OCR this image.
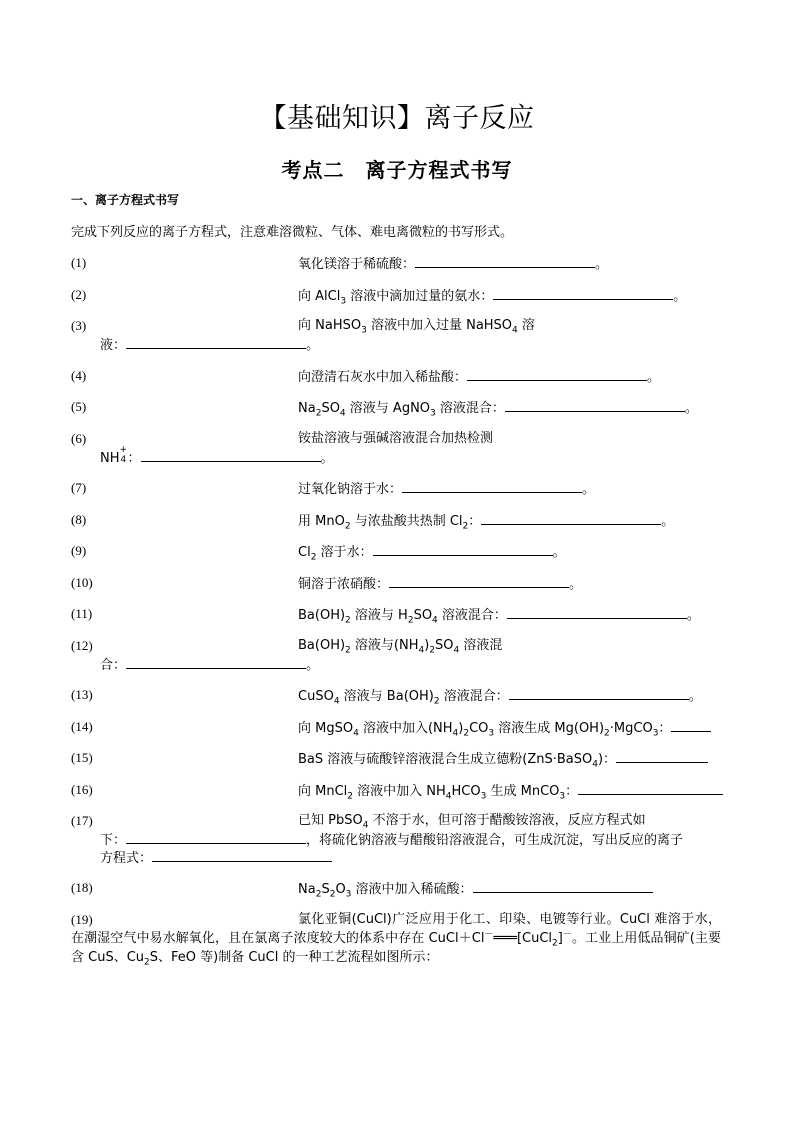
【基础知识】离子反应
考点二　离子方程式书写
一、离子方程式书写
完成下列反应的离子方程式，注意难溶微粒、气体、难电离微粒的书写形式。
(1)	氧化镁溶于稀硫酸：	。
(2)	向 AlCl$_3$ 溶液中滴加过量的氨水：	。
(3)	向 NaHSO$_3$ 溶液中加入过量 NaHSO$_4$ 溶
液：	。
(4)	向澄清石灰水中加入稀盐酸：	。
(5)	$Na_2SO_4$ 溶液与 AgNO$_3$ 溶液混合：	。
(6)	铵盐溶液与强碱溶液混合加热检测
NH
+
4 ：	。
(7)	过氧化钠溶于水：	。
(8)	用 MnO$_2$ 与浓盐酸共热制 $Cl_2$：	。
(9)	$Cl_2$ 溶于水：	。
(10)	铜溶于浓硝酸：	。
(11)	$Ba(OH)_2$ 溶液与 $H_2SO_4$ 溶液混合：	。
(12)	$Ba(OH)_2$ 溶液与$(NH_4)_2SO_4$ 溶液混
合：	。
(13)	CuSO$_4$ 溶液与 $Ba(OH)_2$ 溶液混合：	。
(14)	向 MgSO$_4$ 溶液中加入$(NH_4)_2CO_3$ 溶液生成 $Mg(OH)_2\cdot MgCO_3$：
(15)	BaS 溶液与硫酸锌溶液混合生成立德粉(ZnS·BaSO$_4$)：
(16)	向 MnCl$_2$ 溶液中加入 $NH_4HCO_3$ 生成 MnCO$_3$：
(17)	已知 PbSO$_4$ 不溶于水，但可溶于醋酸铵溶液，反应方程式如
下：	，将硫化钠溶液与醋酸铅溶液混合，可生成沉淀，写出反应的离子
方程式：
(18)	$Na_2S_2O_3$ 溶液中加入稀硫酸：
(19)	氯化亚铜(CuCl)广泛应用于化工、印染、电镀等行业。CuCl 难溶于水，在潮湿空气中易水解氧化，且在氯离子浓度较大的体系中存在 CuCl＋Cl－═══[CuCl$_2$]－。工业上用低品铜矿(主要含 CuS、$Cu_2S$、FeO 等)制备 CuCl 的一种工艺流程如图所示：
